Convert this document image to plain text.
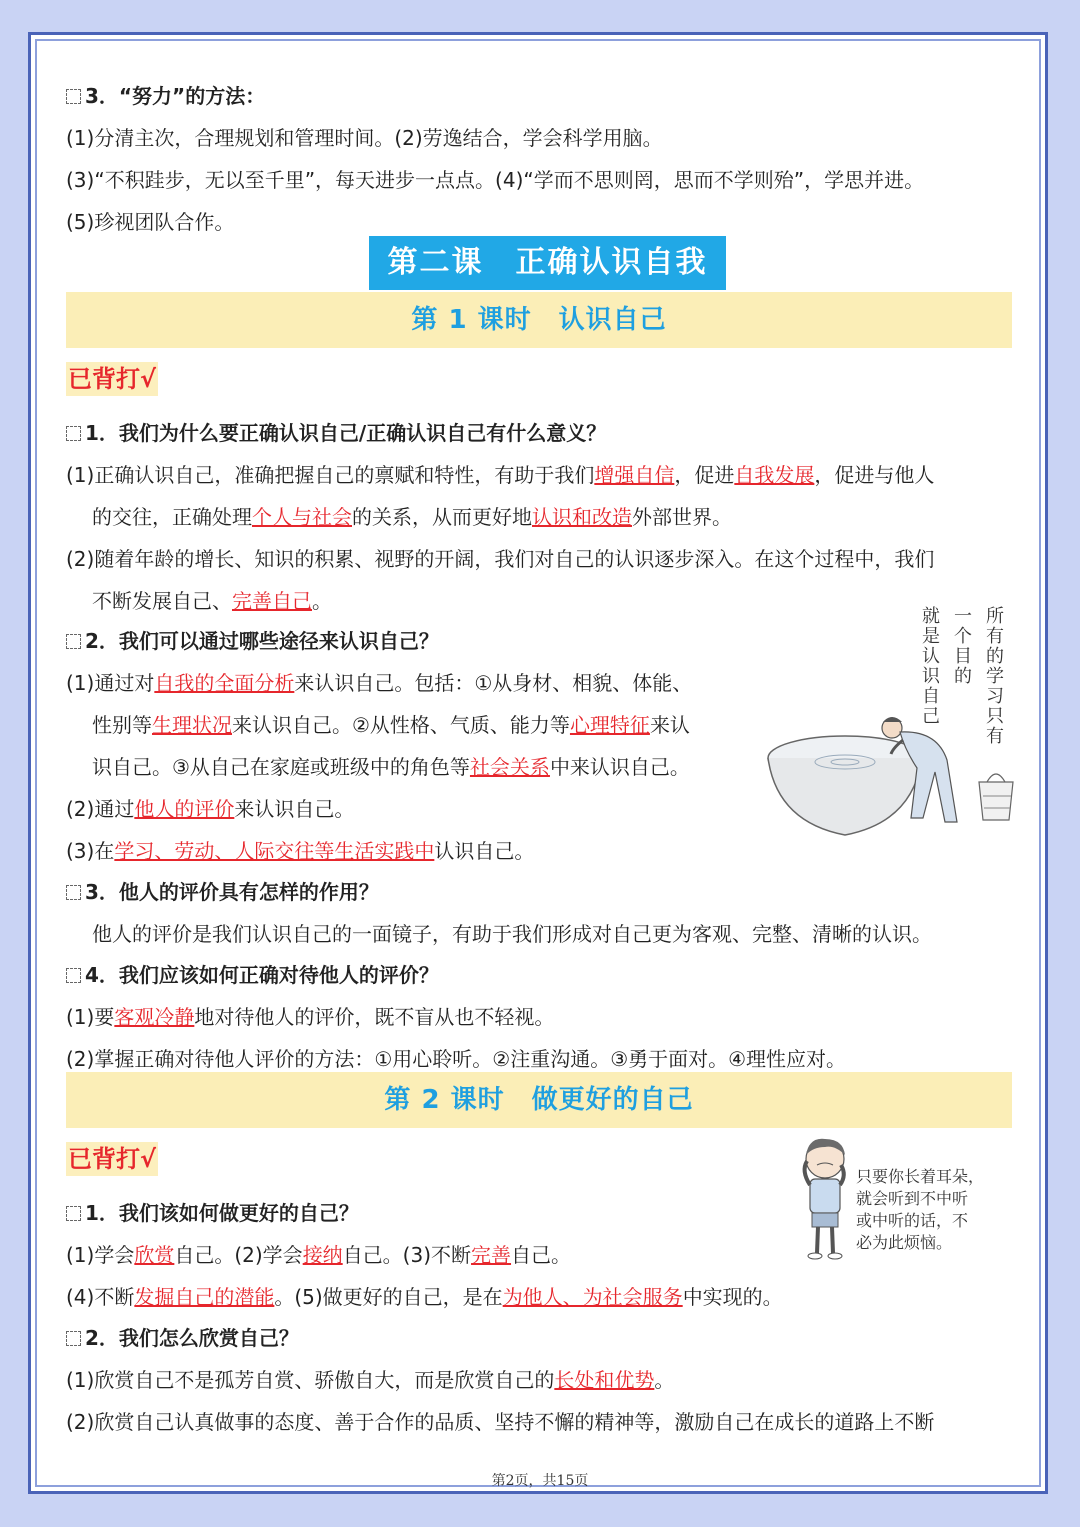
3．“努力”的方法：
(1)分清主次，合理规划和管理时间。(2)劳逸结合，学会科学用脑。
(3)“不积跬步，无以至千里”，每天进步一点点。(4)“学而不思则罔，思而不学则殆”，学思并进。
(5)珍视团队合作。
第二课　正确认识自我
第 1 课时　认识自己
已背打√
1．我们为什么要正确认识自己/正确认识自己有什么意义？
(1)正确认识自己，准确把握自己的禀赋和特性，有助于我们增强自信，促进自我发展，促进与他人
的交往，正确处理个人与社会的关系，从而更好地认识和改造外部世界。
(2)随着年龄的增长、知识的积累、视野的开阔，我们对自己的认识逐步深入。在这个过程中，我们
不断发展自己、完善自己。
2．我们可以通过哪些途径来认识自己？
(1)通过对自我的全面分析来认识自己。包括：①从身材、相貌、体能、
性别等生理状况来认识自己。②从性格、气质、能力等心理特征来认
识自己。③从自己在家庭或班级中的角色等社会关系中来认识自己。
(2)通过他人的评价来认识自己。
(3)在学习、劳动、人际交往等生活实践中认识自己。
所有的学习只有
一个目的
就是认识自己
3．他人的评价具有怎样的作用？
他人的评价是我们认识自己的一面镜子，有助于我们形成对自己更为客观、完整、清晰的认识。
4．我们应该如何正确对待他人的评价？
(1)要客观冷静地对待他人的评价，既不盲从也不轻视。
(2)掌握正确对待他人评价的方法：①用心聆听。②注重沟通。③勇于面对。④理性应对。
第 2 课时　做更好的自己
已背打√
只要你长着耳朵，
就会听到不中听
或中听的话，不
必为此烦恼。
1．我们该如何做更好的自己？
(1)学会欣赏自己。(2)学会接纳自己。(3)不断完善自己。
(4)不断发掘自己的潜能。(5)做更好的自己，是在为他人、为社会服务中实现的。
2．我们怎么欣赏自己？
(1)欣赏自己不是孤芳自赏、骄傲自大，而是欣赏自己的长处和优势。
(2)欣赏自己认真做事的态度、善于合作的品质、坚持不懈的精神等，激励自己在成长的道路上不断
第2页，共15页
